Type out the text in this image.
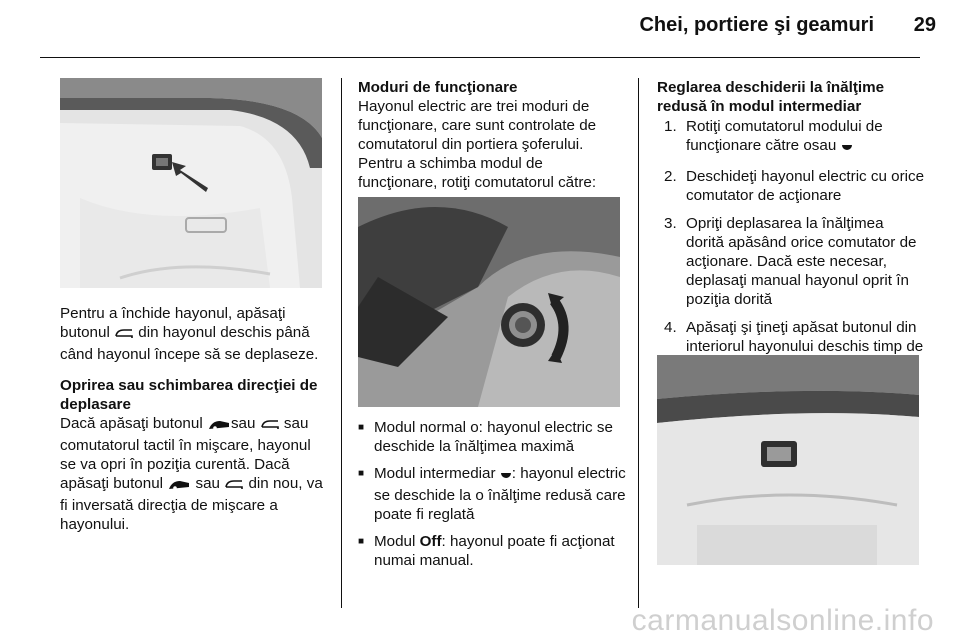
Chei, portiere şi geamuri 29

Pentru a închide hayonul, apăsaţi butonul din hayonul deschis până când hayonul începe să se deplaseze.

Oprirea sau schimbarea direcţiei de deplasare

Dacă apăsaţi butonul sau sau comutatorul tactil în mişcare, hayonul se va opri în poziţia curentă. Dacă apăsaţi butonul sau din nou, va fi inversată direcţia de mişcare a hayonului.

Moduri de funcţionare

Hayonul electric are trei moduri de funcţionare, care sunt controlate de comutatorul din portiera şoferului. Pentru a schimba modul de funcţionare, rotiţi comutatorul către:

■ Modul normal o: hayonul electric se deschide la înălţimea maximă
■ Modul intermediar : hayonul electric se deschide la o înălţime redusă care poate fi reglată
■ Modul Off: hayonul poate fi acţionat numai manual.

Reglarea deschiderii la înălţime redusă în modul intermediar

1. Rotiţi comutatorul modului de funcţionare către osau
2. Deschideţi hayonul electric cu orice comutator de acţionare
3. Opriţi deplasarea la înălţimea dorită apăsând orice comutator de acţionare. Dacă este necesar, deplasaţi manual hayonul oprit în poziţia dorită
4. Apăsaţi şi ţineţi apăsat butonul din interiorul hayonului deschis timp de
carmanualsonline.info
